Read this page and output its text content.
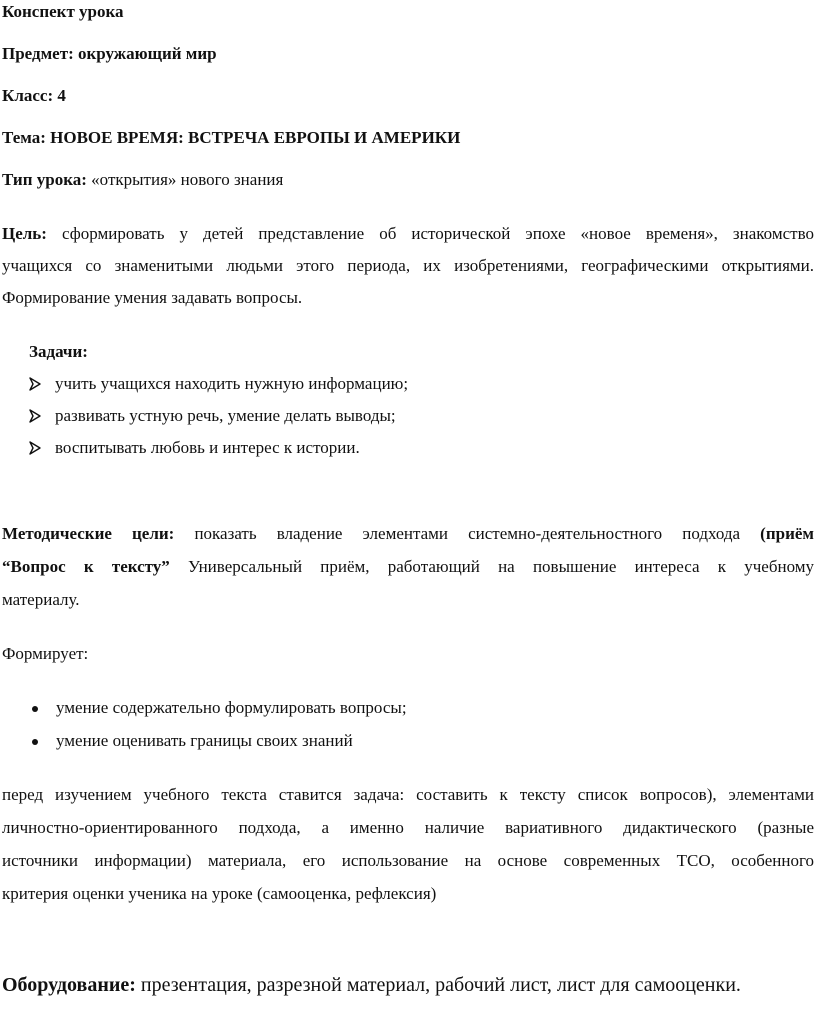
Конспект урока
Предмет: окружающий мир
Класс: 4
Тема: НОВОЕ ВРЕМЯ: ВСТРЕЧА ЕВРОПЫ И АМЕРИКИ
Тип урока: «открытия» нового знания
Цель: сформировать у детей представление об исторической эпохе «новое временя», знакомство
учащихся со знаменитыми людьми этого периода, их изобретениями, географическими открытиями.
Формирование умения задавать вопросы.
Задачи:
учить учащихся находить нужную информацию;
развивать устную речь, умение делать выводы;
воспитывать любовь и интерес к истории.
Методические цели: показать владение элементами системно-деятельностного подхода (приём
“Вопрос к тексту” Универсальный приём, работающий на повышение интереса к учебному
материалу.
Формирует:
умение содержательно формулировать вопросы;
умение оценивать границы своих знаний
перед изучением учебного текста ставится задача: составить к тексту список вопросов), элементами
личностно-ориентированного подхода, а именно наличие вариативного дидактического (разные
источники информации) материала, его использование на основе современных ТСО, особенного
критерия оценки ученика на уроке (самооценка, рефлексия)
Оборудование: презентация, разрезной материал, рабочий лист, лист для самооценки.
